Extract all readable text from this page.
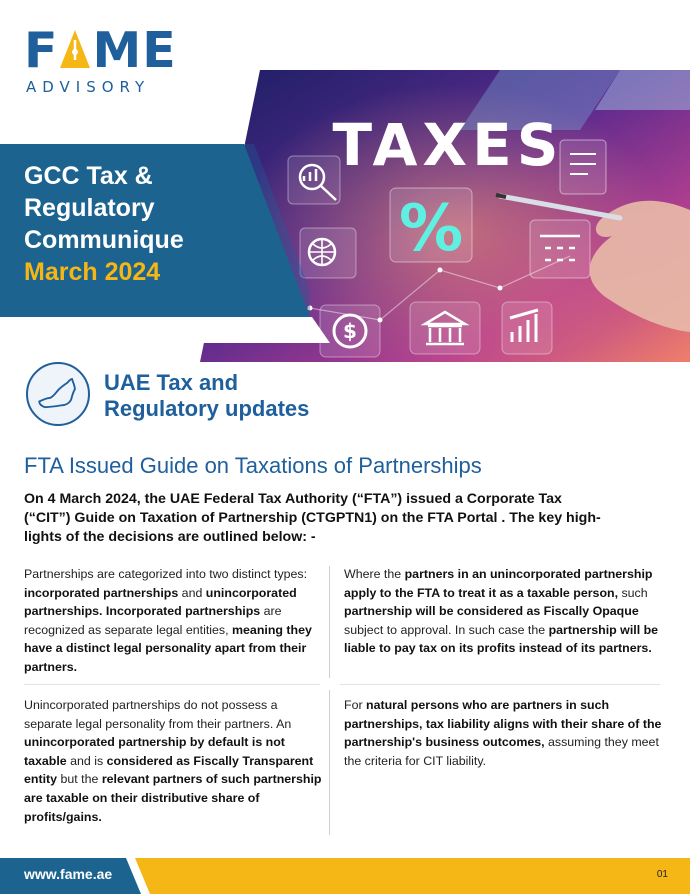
F ME
ADVISORY
$
TAXES
%
GCC Tax &
Regulatory
Communique
March 2024
UAE Tax and
Regulatory updates
FTA Issued Guide on Taxations of Partnerships
On 4 March 2024, the UAE Federal Tax Authority (“FTA”) issued a Corporate Tax
(“CIT”) Guide on Taxation of Partnership (CTGPTN1) on the FTA Portal . The key high-
lights of the decisions are outlined below: -
Partnerships are categorized into two distinct types: incorporated partnerships and unincorporated partnerships. Incorporated partnerships are recognized as separate legal entities, meaning they have a distinct legal personality apart from their partners.
Where the partners in an unincorporated partnership apply to the FTA to treat it as a taxable person, such partnership will be considered as Fiscally Opaque subject to approval. In such case the partnership will be liable to pay tax on its profits instead of its partners.
Unincorporated partnerships do not possess a separate legal personality from their partners. An unincorporated partnership by default is not taxable and is considered as Fiscally Transparent entity but the relevant partners of such partnership are taxable on their distributive share of profits/gains.
For natural persons who are partners in such partnerships, tax liability aligns with their share of the partnership's business outcomes, assuming they meet the criteria for CIT liability.
www.fame.ae	01
